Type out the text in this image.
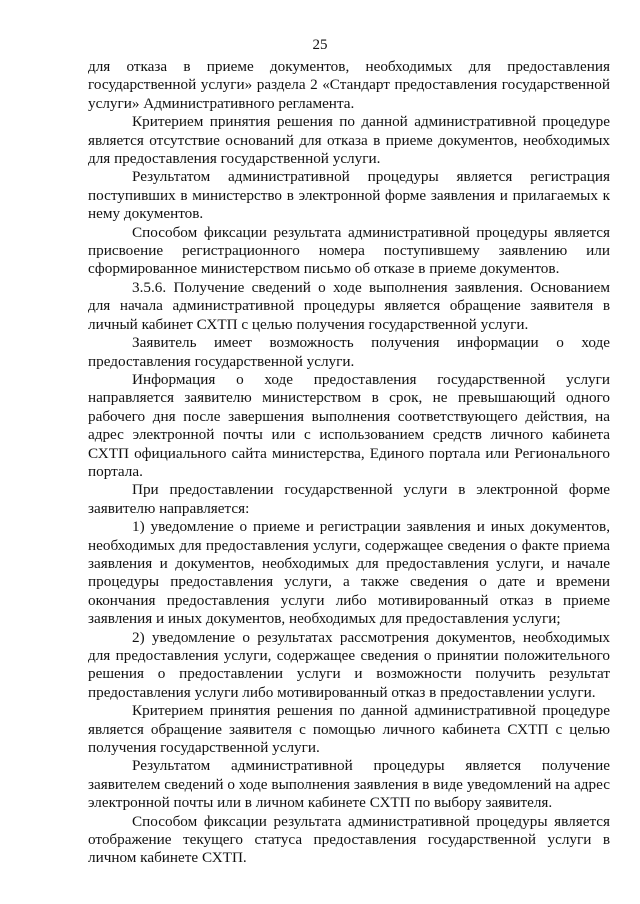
25

для отказа в приеме документов, необходимых для предоставления государственной услуги» раздела 2 «Стандарт предоставления государственной услуги» Административного регламента.

Критерием принятия решения по данной административной процедуре является отсутствие оснований для отказа в приеме документов, необходимых для предоставления государственной услуги.

Результатом административной процедуры является регистрация поступивших в министерство в электронной форме заявления и прилагаемых к нему документов.

Способом фиксации результата административной процедуры является присвоение регистрационного номера поступившему заявлению или сформированное министерством письмо об отказе в приеме документов.

3.5.6. Получение сведений о ходе выполнения заявления. Основанием для начала административной процедуры является обращение заявителя в личный кабинет СХТП с целью получения государственной услуги.

Заявитель имеет возможность получения информации о ходе предоставления государственной услуги.

Информация о ходе предоставления государственной услуги направляется заявителю министерством в срок, не превышающий одного рабочего дня после завершения выполнения соответствующего действия, на адрес электронной почты или с использованием средств личного кабинета СХТП официального сайта министерства, Единого портала или Регионального портала.

При предоставлении государственной услуги в электронной форме заявителю направляется:

1) уведомление о приеме и регистрации заявления и иных документов, необходимых для предоставления услуги, содержащее сведения о факте приема заявления и документов, необходимых для предоставления услуги, и начале процедуры предоставления услуги, а также сведения о дате и времени окончания предоставления услуги либо мотивированный отказ в приеме заявления и иных документов, необходимых для предоставления услуги;

2) уведомление о результатах рассмотрения документов, необходимых для предоставления услуги, содержащее сведения о принятии положительного решения о предоставлении услуги и возможности получить результат предоставления услуги либо мотивированный отказ в предоставлении услуги.

Критерием принятия решения по данной административной процедуре является обращение заявителя с помощью личного кабинета СХТП с целью получения государственной услуги.

Результатом административной процедуры является получение заявителем сведений о ходе выполнения заявления в виде уведомлений на адрес электронной почты или в личном кабинете СХТП по выбору заявителя.

Способом фиксации результата административной процедуры является отображение текущего статуса предоставления государственной услуги в личном кабинете СХТП.
